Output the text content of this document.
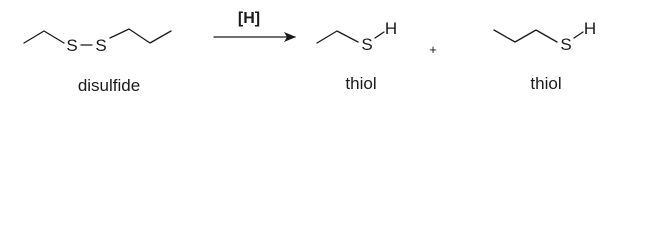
S S
disulfide
[H]
S
H
thiol
+	S
H
thiol
